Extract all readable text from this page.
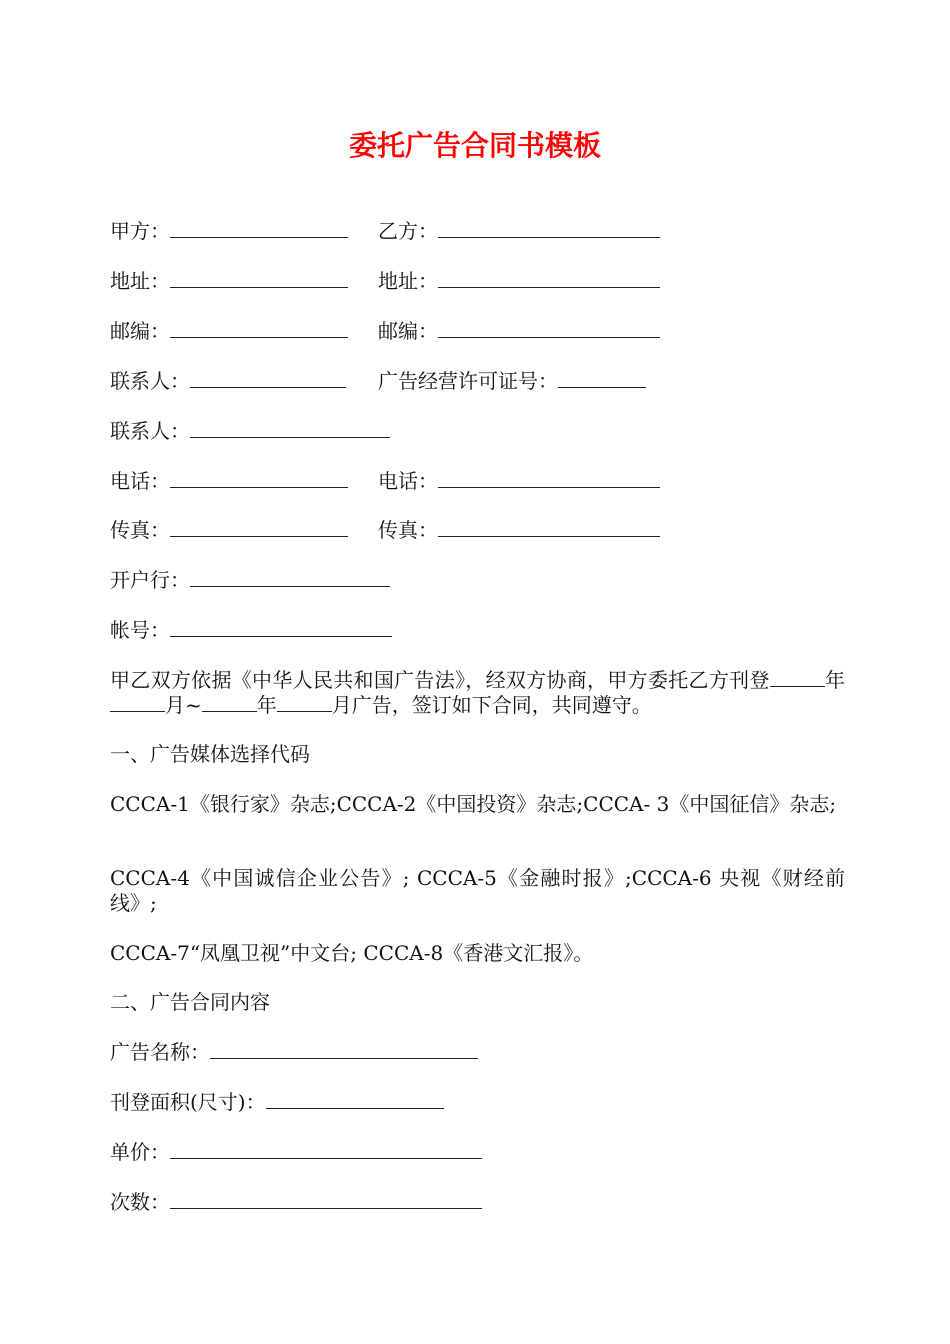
委托广告合同书模板
甲方：	乙方：
地址：	地址：
邮编：	邮编：
联系人：	广告经营许可证号：
联系人：
电话：	电话：
传真：	传真：
开户行：
帐号：
甲乙双方依据《中华人民共和国广告法》，经双方协商，甲方委托乙方刊登	年月~	年	月广告，签订如下合同，共同遵守。
一、广告媒体选择代码
CCCA-1《银行家》杂志;CCCA-2《中国投资》杂志;CCCA- 3《中国征信》杂志;
CCCA-4《中国诚信企业公告》; CCCA-5《金融时报》;CCCA-6 央视《财经前线》;
CCCA-7“凤凰卫视”中文台; CCCA-8《香港文汇报》。
二、广告合同内容
广告名称：
刊登面积(尺寸)：
单价：
次数：
